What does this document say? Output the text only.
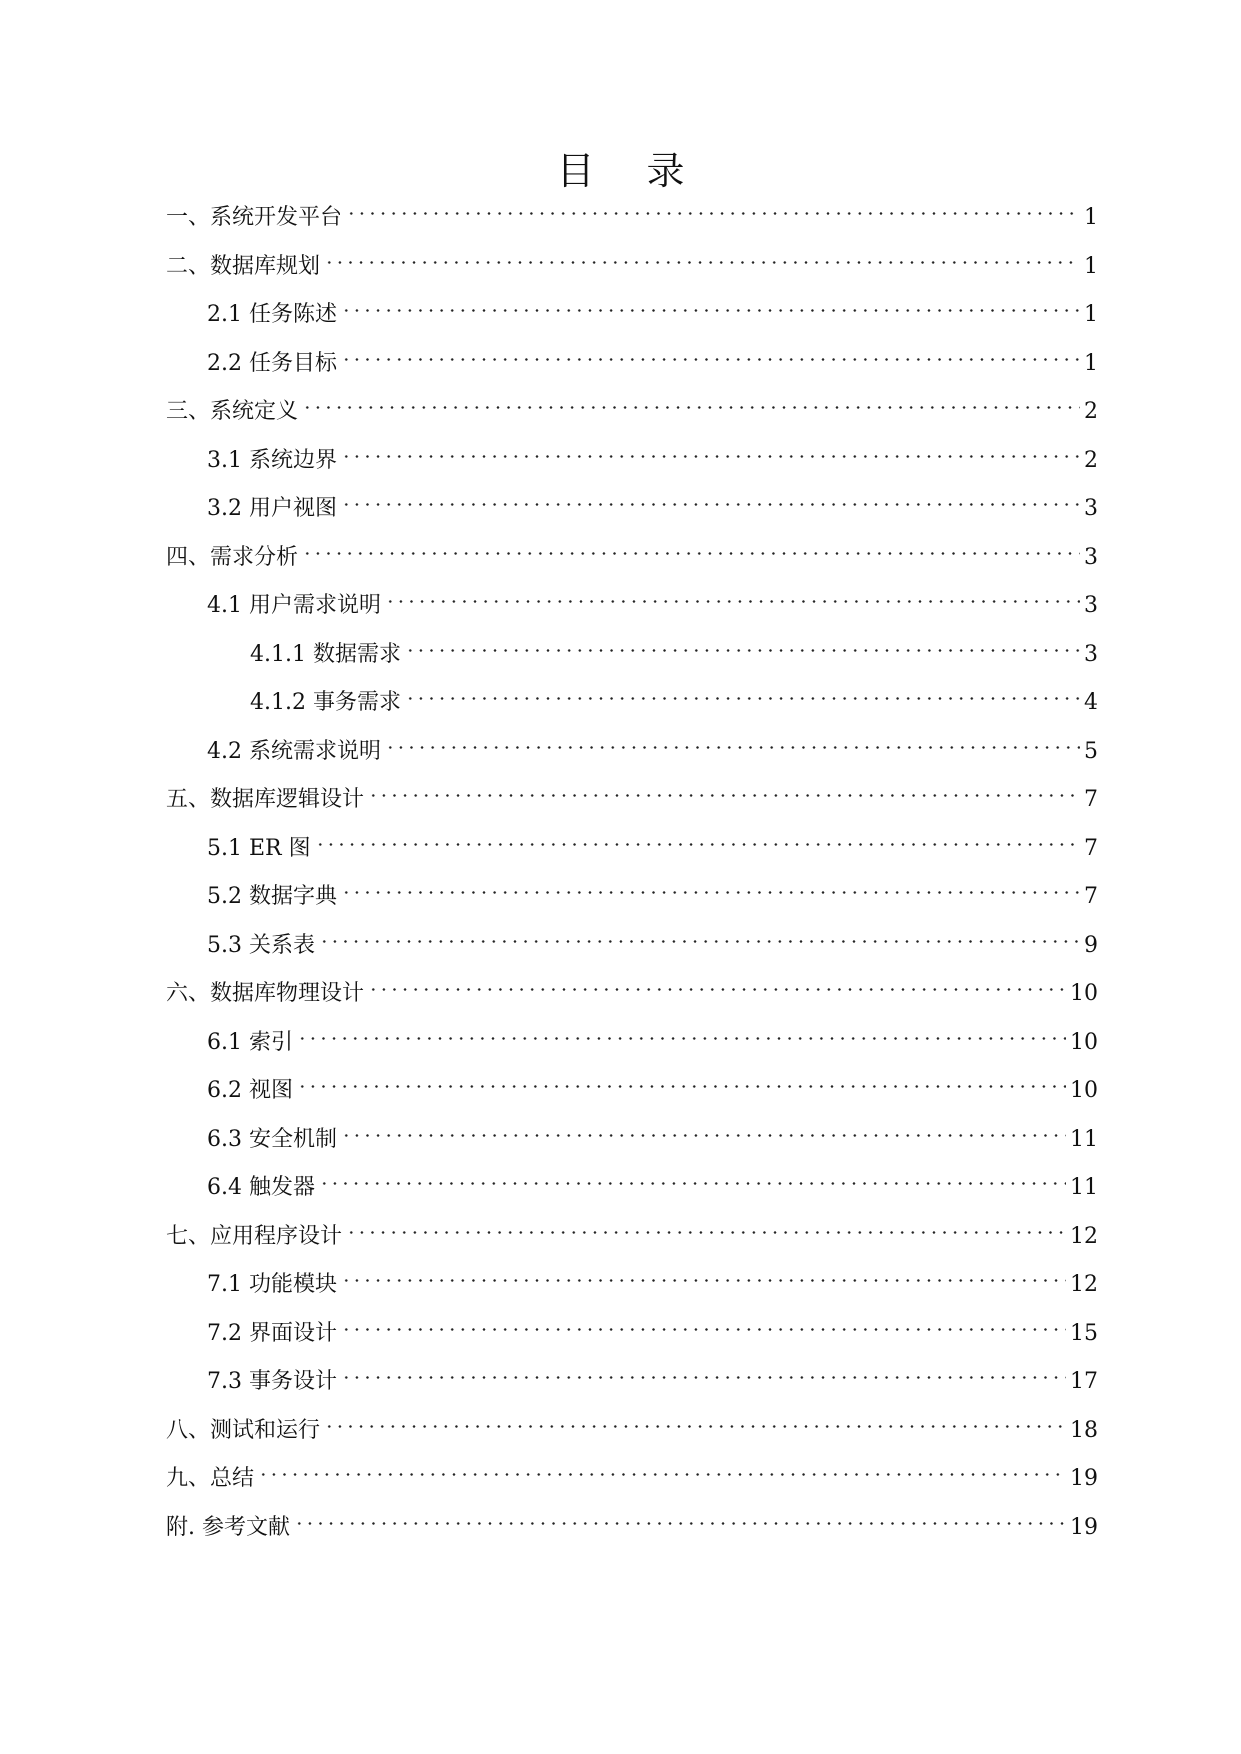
目 录
一、系统开发平台	1
二、数据库规划	1
2.1 任务陈述	1
2.2 任务目标	1
三、系统定义	2
3.1 系统边界	2
3.2 用户视图	3
四、需求分析	3
4.1 用户需求说明	3
4.1.1 数据需求	3
4.1.2 事务需求	4
4.2 系统需求说明	5
五、数据库逻辑设计	7
5.1 ER 图	7
5.2 数据字典	7
5.3 关系表	9
六、数据库物理设计	10
6.1 索引	10
6.2 视图	10
6.3 安全机制	11
6.4 触发器	11
七、应用程序设计	12
7.1 功能模块	12
7.2 界面设计	15
7.3 事务设计	17
八、测试和运行	18
九、总结	19
附. 参考文献	19
